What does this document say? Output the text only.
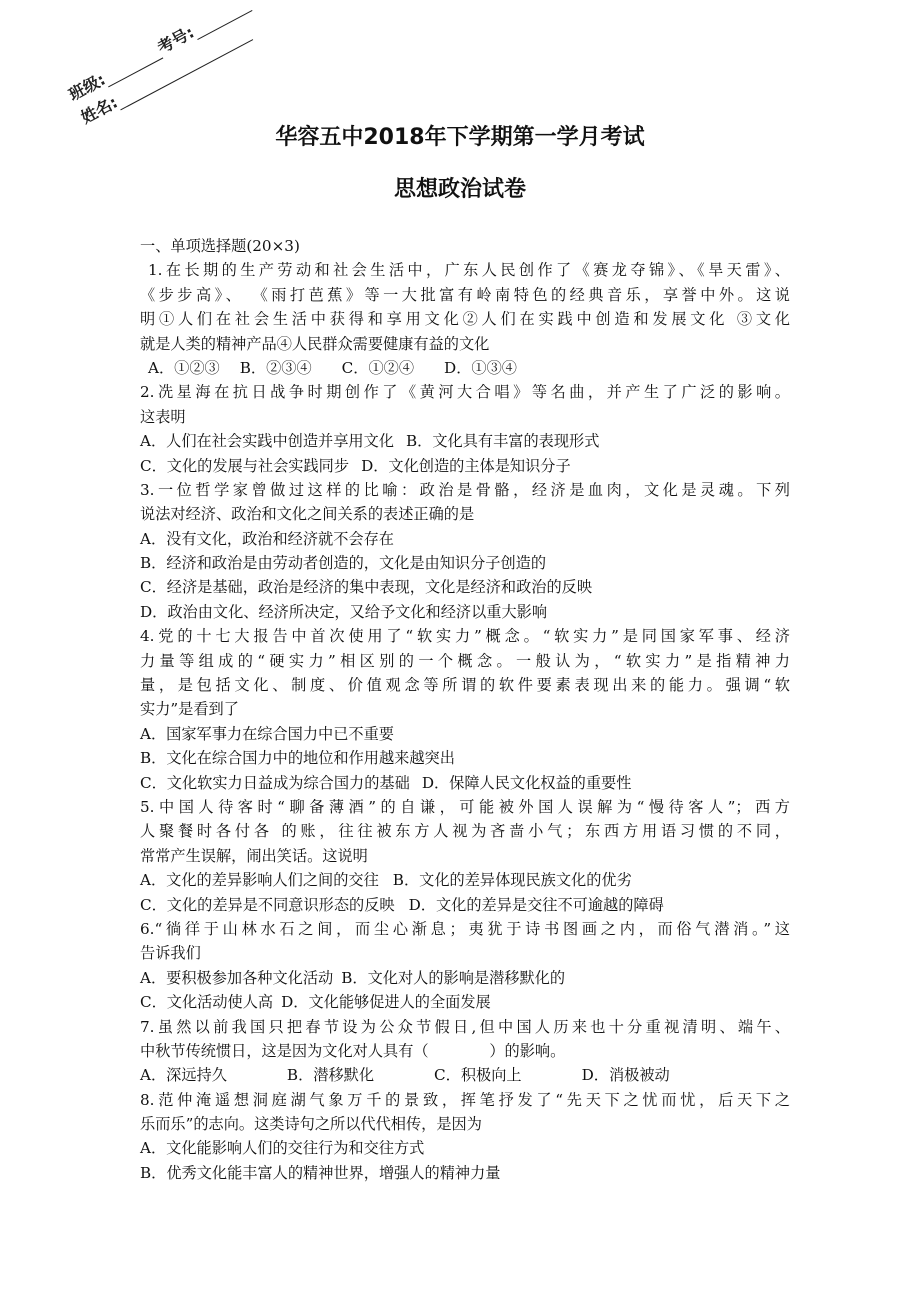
班级:考号:
姓名:
华容五中2018年下学期第一学月考试
思想政治试卷
一、单项选择题(20×3)
1.在长期的生产劳动和社会生活中，广东人民创作了《赛龙夺锦》、《旱天雷》、
《步步高》、 《雨打芭蕉》等一大批富有岭南特色的经典音乐，享誉中外。这说
明①人们在社会生活中获得和享用文化②人们在实践中创造和发展文化 ③文化
就是人类的精神产品④人民群众需要健康有益的文化
A．①②③ B．②③④ C．①②④ D．①③④
2.冼星海在抗日战争时期创作了《黄河大合唱》等名曲，并产生了广泛的影响。
这表明
A．人们在社会实践中创造并享用文化 B．文化具有丰富的表现形式
C．文化的发展与社会实践同步 D．文化创造的主体是知识分子
3.一位哲学家曾做过这样的比喻：政治是骨骼，经济是血肉，文化是灵魂。下列
说法对经济、政治和文化之间关系的表述正确的是
A．没有文化，政治和经济就不会存在
B．经济和政治是由劳动者创造的，文化是由知识分子创造的
C．经济是基础，政治是经济的集中表现，文化是经济和政治的反映
D．政治由文化、经济所决定，又给予文化和经济以重大影响
4.党的十七大报告中首次使用了“软实力”概念。“软实力”是同国家军事、经济
力量等组成的“硬实力”相区别的一个概念。一般认为，“软实力”是指精神力
量，是包括文化、制度、价值观念等所谓的软件要素表现出来的能力。强调“软
实力”是看到了
A．国家军事力在综合国力中已不重要
B．文化在综合国力中的地位和作用越来越突出
C．文化软实力日益成为综合国力的基础 D．保障人民文化权益的重要性
5.中国人待客时“聊备薄酒”的自谦，可能被外国人误解为“慢待客人”；西方
人聚餐时各付各 的账，往往被东方人视为吝啬小气；东西方用语习惯的不同，
常常产生误解，闹出笑话。这说明
A．文化的差异影响人们之间的交往 B．文化的差异体现民族文化的优劣
C．文化的差异是不同意识形态的反映 D．文化的差异是交往不可逾越的障碍
6.“徜徉于山林水石之间，而尘心渐息；夷犹于诗书图画之内，而俗气潜消。”这
告诉我们
A．要积极参加各种文化活动 B．文化对人的影响是潜移默化的
C．文化活动使人高 D．文化能够促进人的全面发展
7.虽然以前我国只把春节设为公众节假日,但中国人历来也十分重视清明、端午、
中秋节传统惯日，这是因为文化对人具有（　　　　）的影响。
A．深远持久	B．潜移默化	C．积极向上	D．消极被动
8.范仲淹遥想洞庭湖气象万千的景致，挥笔抒发了“先天下之忧而忧，后天下之
乐而乐”的志向。这类诗句之所以代代相传，是因为
A．文化能影响人们的交往行为和交往方式
B．优秀文化能丰富人的精神世界，增强人的精神力量
